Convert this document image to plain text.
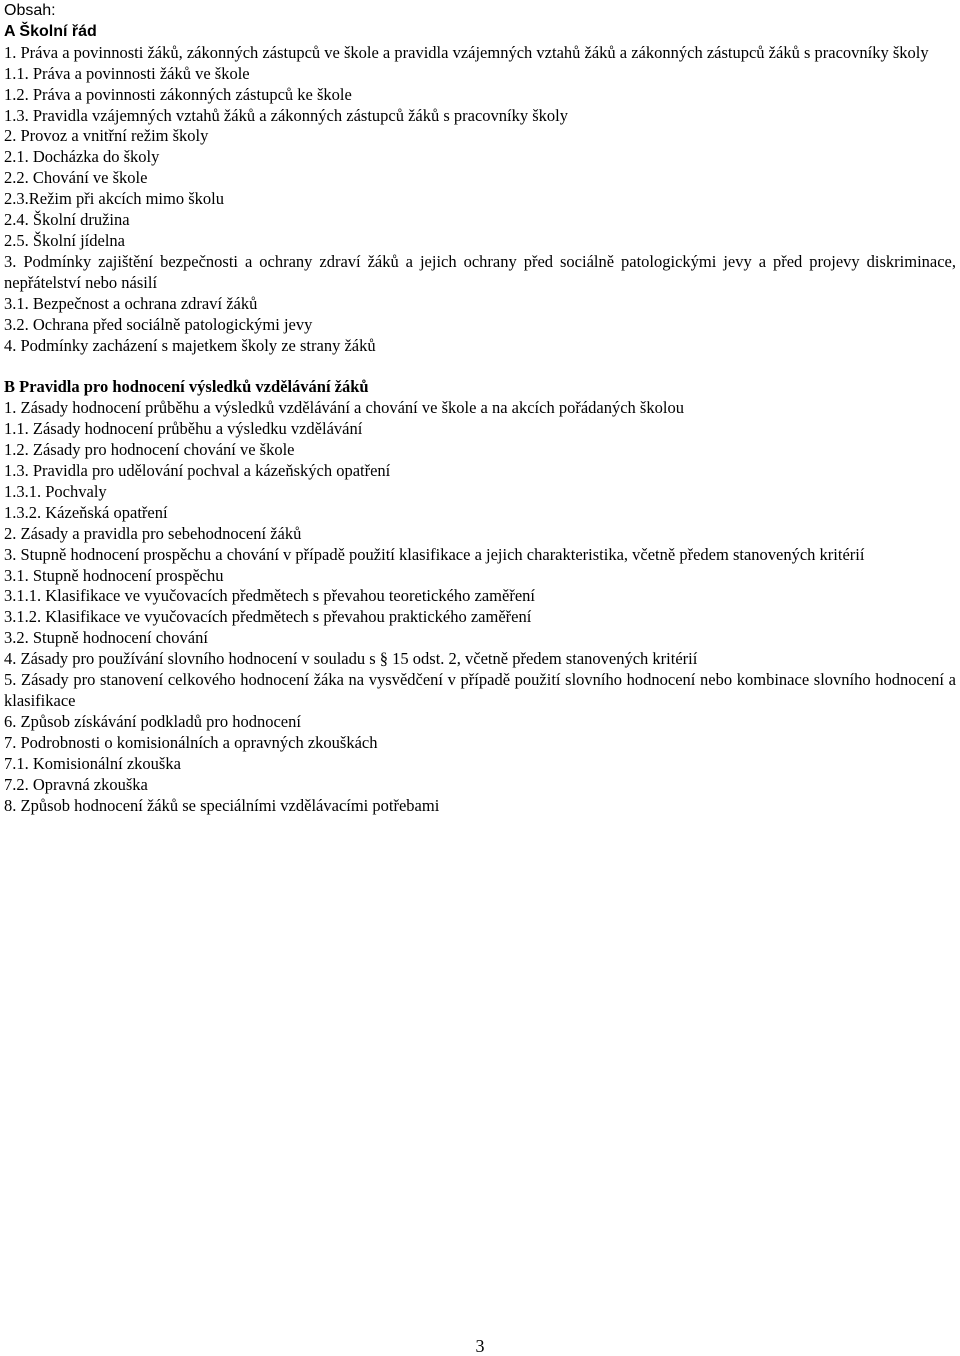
Obsah:
A Školní řád
1. Práva a povinnosti žáků, zákonných zástupců ve škole a pravidla vzájemných vztahů žáků a zákonných zástupců žáků s pracovníky školy
1.1. Práva a povinnosti žáků ve škole
1.2. Práva a povinnosti zákonných zástupců ke škole
1.3. Pravidla vzájemných vztahů žáků a zákonných zástupců žáků s pracovníky školy
2. Provoz a vnitřní režim školy
2.1. Docházka do školy
2.2. Chování ve škole
2.3.Režim při akcích mimo školu
2.4. Školní družina
2.5. Školní jídelna
3. Podmínky zajištění bezpečnosti a ochrany zdraví žáků a jejich ochrany před sociálně patologickými jevy a před projevy diskriminace, nepřátelství nebo násilí
3.1. Bezpečnost a ochrana zdraví žáků
3.2. Ochrana před sociálně patologickými jevy
4. Podmínky zacházení s majetkem školy ze strany žáků
B Pravidla pro hodnocení výsledků vzdělávání žáků
1. Zásady hodnocení průběhu a výsledků vzdělávání a chování ve škole a na akcích pořádaných školou
1.1. Zásady hodnocení průběhu a výsledku vzdělávání
1.2. Zásady pro hodnocení chování ve škole
1.3. Pravidla pro udělování pochval a kázeňských opatření
1.3.1. Pochvaly
1.3.2. Kázeňská opatření
2. Zásady a pravidla pro sebehodnocení žáků
3. Stupně hodnocení prospěchu a chování v případě použití klasifikace a jejich charakteristika, včetně předem stanovených kritérií
3.1. Stupně hodnocení prospěchu
3.1.1. Klasifikace ve vyučovacích předmětech s převahou teoretického zaměření
3.1.2. Klasifikace ve vyučovacích předmětech s převahou praktického zaměření
3.2. Stupně hodnocení chování
4. Zásady pro používání slovního hodnocení v souladu s § 15 odst. 2, včetně předem stanovených kritérií
5. Zásady pro stanovení celkového hodnocení žáka na vysvědčení v případě použití slovního hodnocení nebo kombinace slovního hodnocení a klasifikace
6. Způsob získávání podkladů pro hodnocení
7. Podrobnosti o komisionálních a opravných zkouškách
7.1. Komisionální zkouška
7.2. Opravná zkouška
8. Způsob hodnocení žáků se speciálními vzdělávacími potřebami
3
